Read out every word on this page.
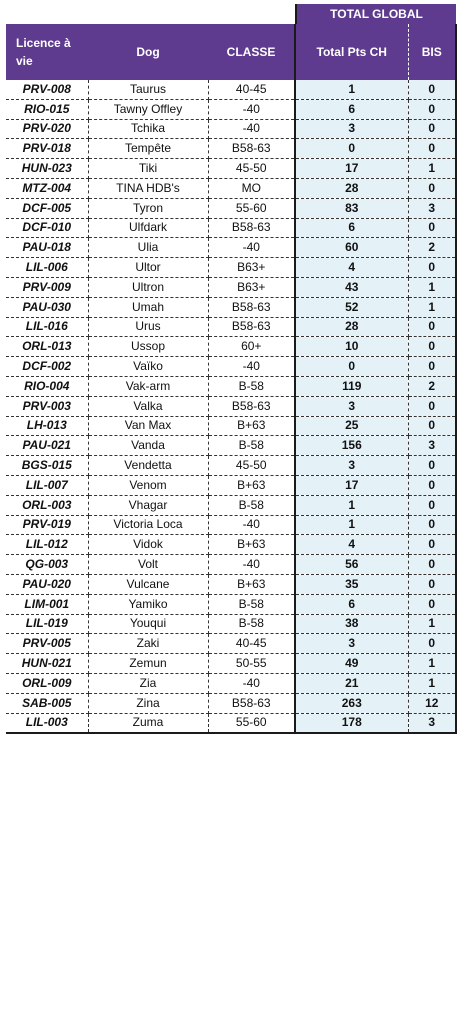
TOTAL GLOBAL
Licence à vie	Dog	CLASSE	Total Pts CH	BIS
PRV-008	Taurus	40-45	1	0
RIO-015	Tawny Offley	-40	6	0
PRV-020	Tchika	-40	3	0
PRV-018	Tempête	B58-63	0	0
HUN-023	Tiki	45-50	17	1
MTZ-004	TINA HDB's	MO	28	0
DCF-005	Tyron	55-60	83	3
DCF-010	Ulfdark	B58-63	6	0
PAU-018	Ulia	-40	60	2
LIL-006	Ultor	B63+	4	0
PRV-009	Ultron	B63+	43	1
PAU-030	Umah	B58-63	52	1
LIL-016	Urus	B58-63	28	0
ORL-013	Ussop	60+	10	0
DCF-002	Vaïko	-40	0	0
RIO-004	Vak-arm	B-58	119	2
PRV-003	Valka	B58-63	3	0
LH-013	Van Max	B+63	25	0
PAU-021	Vanda	B-58	156	3
BGS-015	Vendetta	45-50	3	0
LIL-007	Venom	B+63	17	0
ORL-003	Vhagar	B-58	1	0
PRV-019	Victoria Loca	-40	1	0
LIL-012	Vidok	B+63	4	0
QG-003	Volt	-40	56	0
PAU-020	Vulcane	B+63	35	0
LIM-001	Yamiko	B-58	6	0
LIL-019	Youqui	B-58	38	1
PRV-005	Zaki	40-45	3	0
HUN-021	Zemun	50-55	49	1
ORL-009	Zia	-40	21	1
SAB-005	Zina	B58-63	263	12
LIL-003	Zuma	55-60	178	3
